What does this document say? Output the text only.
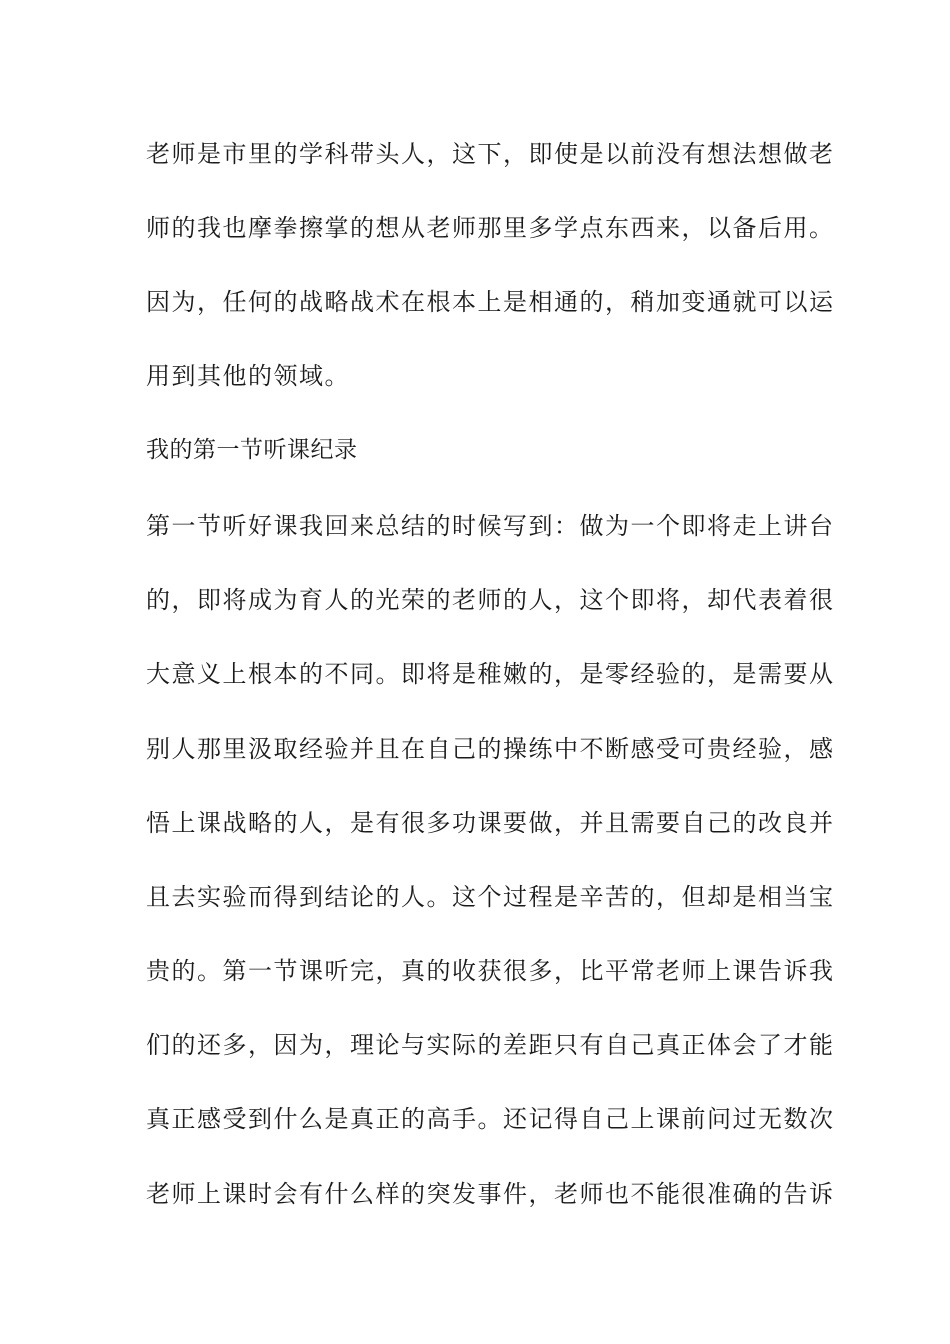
老师是市里的学科带头人，这下，即使是以前没有想法想做老
师的我也摩拳擦掌的想从老师那里多学点东西来，以备后用。
因为，任何的战略战术在根本上是相通的，稍加变通就可以运
用到其他的领域。
我的第一节听课纪录
第一节听好课我回来总结的时候写到：做为一个即将走上讲台
的，即将成为育人的光荣的老师的人，这个即将，却代表着很
大意义上根本的不同。即将是稚嫩的，是零经验的，是需要从
别人那里汲取经验并且在自己的操练中不断感受可贵经验，感
悟上课战略的人，是有很多功课要做，并且需要自己的改良并
且去实验而得到结论的人。这个过程是辛苦的，但却是相当宝
贵的。第一节课听完，真的收获很多，比平常老师上课告诉我
们的还多，因为，理论与实际的差距只有自己真正体会了才能
真正感受到什么是真正的高手。还记得自己上课前问过无数次
老师上课时会有什么样的突发事件，老师也不能很准确的告诉
